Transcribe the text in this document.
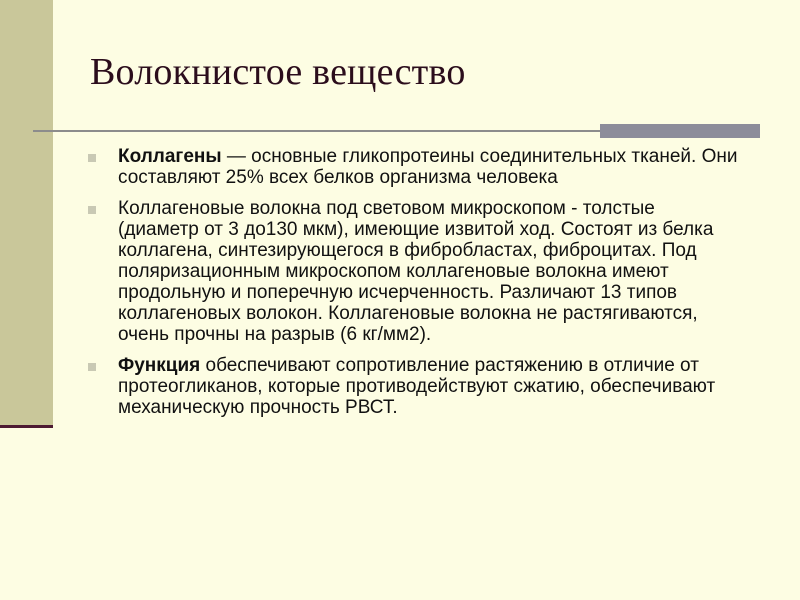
Волокнистое вещество
Коллагены — основные гликопротеины соединительных тканей. Они составляют 25% всех белков организма человека
Коллагеновые волокна под световом микроскопом - толстые (диаметр от 3 до130 мкм), имеющие извитой ход. Состоят из белка коллагена, синтезирующегося в фибробластах, фиброцитах. Под поляризационным микроскопом коллагеновые волокна имеют продольную и поперечную исчерченность. Различают 13 типов коллагеновых волокон. Коллагеновые волокна не растягиваются, очень прочны на разрыв (6 кг/мм2).
Функция обеспечивают сопротивление растяжению в отличие от протеогликанов, которые противодействуют сжатию, обеспечивают механическую прочность РВСТ.
